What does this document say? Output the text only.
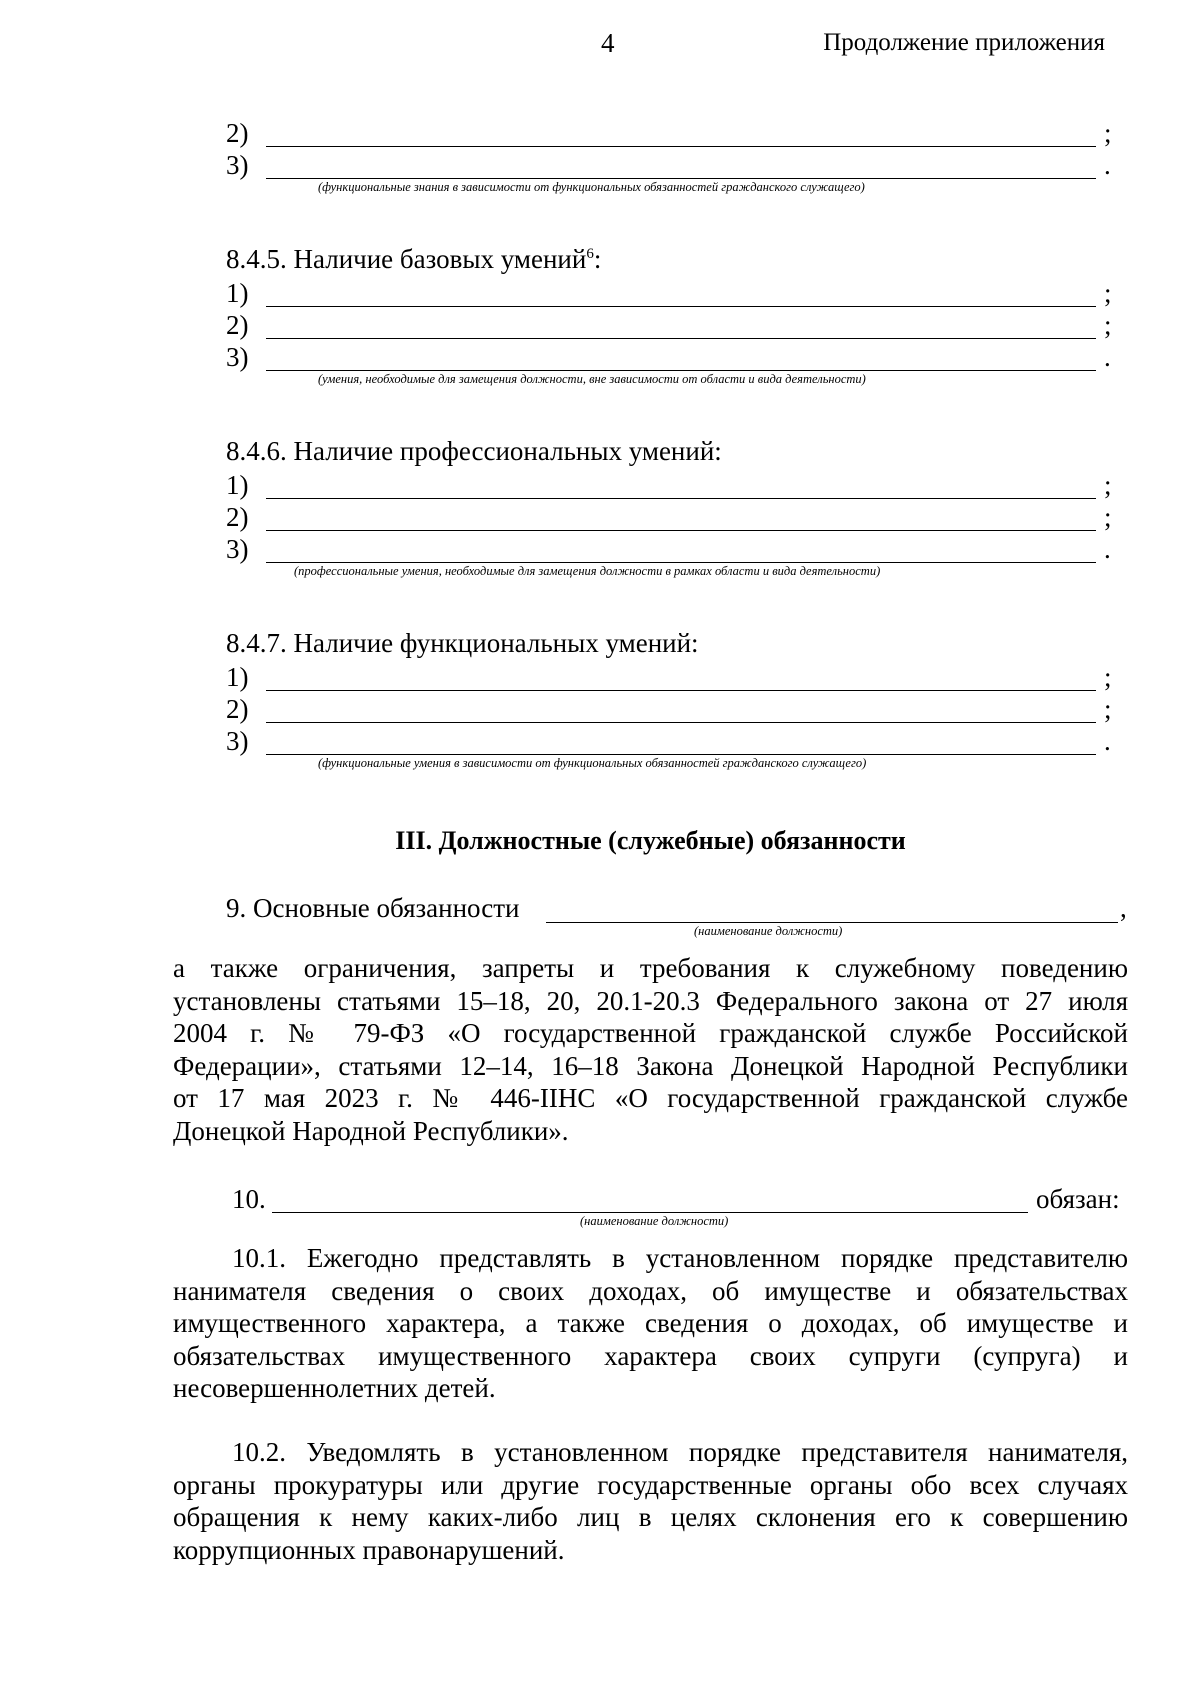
4	Продолжение приложения
2)	;
3)	.
(функциональные знания в зависимости от функциональных обязанностей гражданского служащего)
8.4.5. Наличие базовых умений$^6$:
1)	;
2)	;
3)	.
(умения, необходимые для замещения должности, вне зависимости от области и вида деятельности)
8.4.6. Наличие профессиональных умений:
1)	;
2)	;
3)	.
(профессиональные умения, необходимые для замещения должности в рамках области и вида деятельности)
8.4.7. Наличие функциональных умений:
1)	;
2)	;
3)	.
(функциональные умения в зависимости от функциональных обязанностей гражданского служащего)
III. Должностные (служебные) обязанности
9. Основные обязанности	,
(наименование должности)
а также ограничения, запреты и требования к служебному поведению
установлены статьями 15–18, 20, 20.1-20.3 Федерального закона от 27 июля
2004 г. № 79-ФЗ «О государственной гражданской службе Российской
Федерации», статьями 12–14, 16–18 Закона Донецкой Народной Республики
от 17 мая 2023 г. № 446-IIНС «О государственной гражданской службе
Донецкой Народной Республики».
10.	обязан:
(наименование должности)
10.1. Ежегодно представлять в установленном порядке представителю
нанимателя сведения о своих доходах, об имуществе и обязательствах
имущественного характера, а также сведения о доходах, об имуществе и
обязательствах имущественного характера своих супруги (супруга) и
несовершеннолетних детей.
10.2. Уведомлять в установленном порядке представителя нанимателя,
органы прокуратуры или другие государственные органы обо всех случаях
обращения к нему каких-либо лиц в целях склонения его к совершению
коррупционных правонарушений.
